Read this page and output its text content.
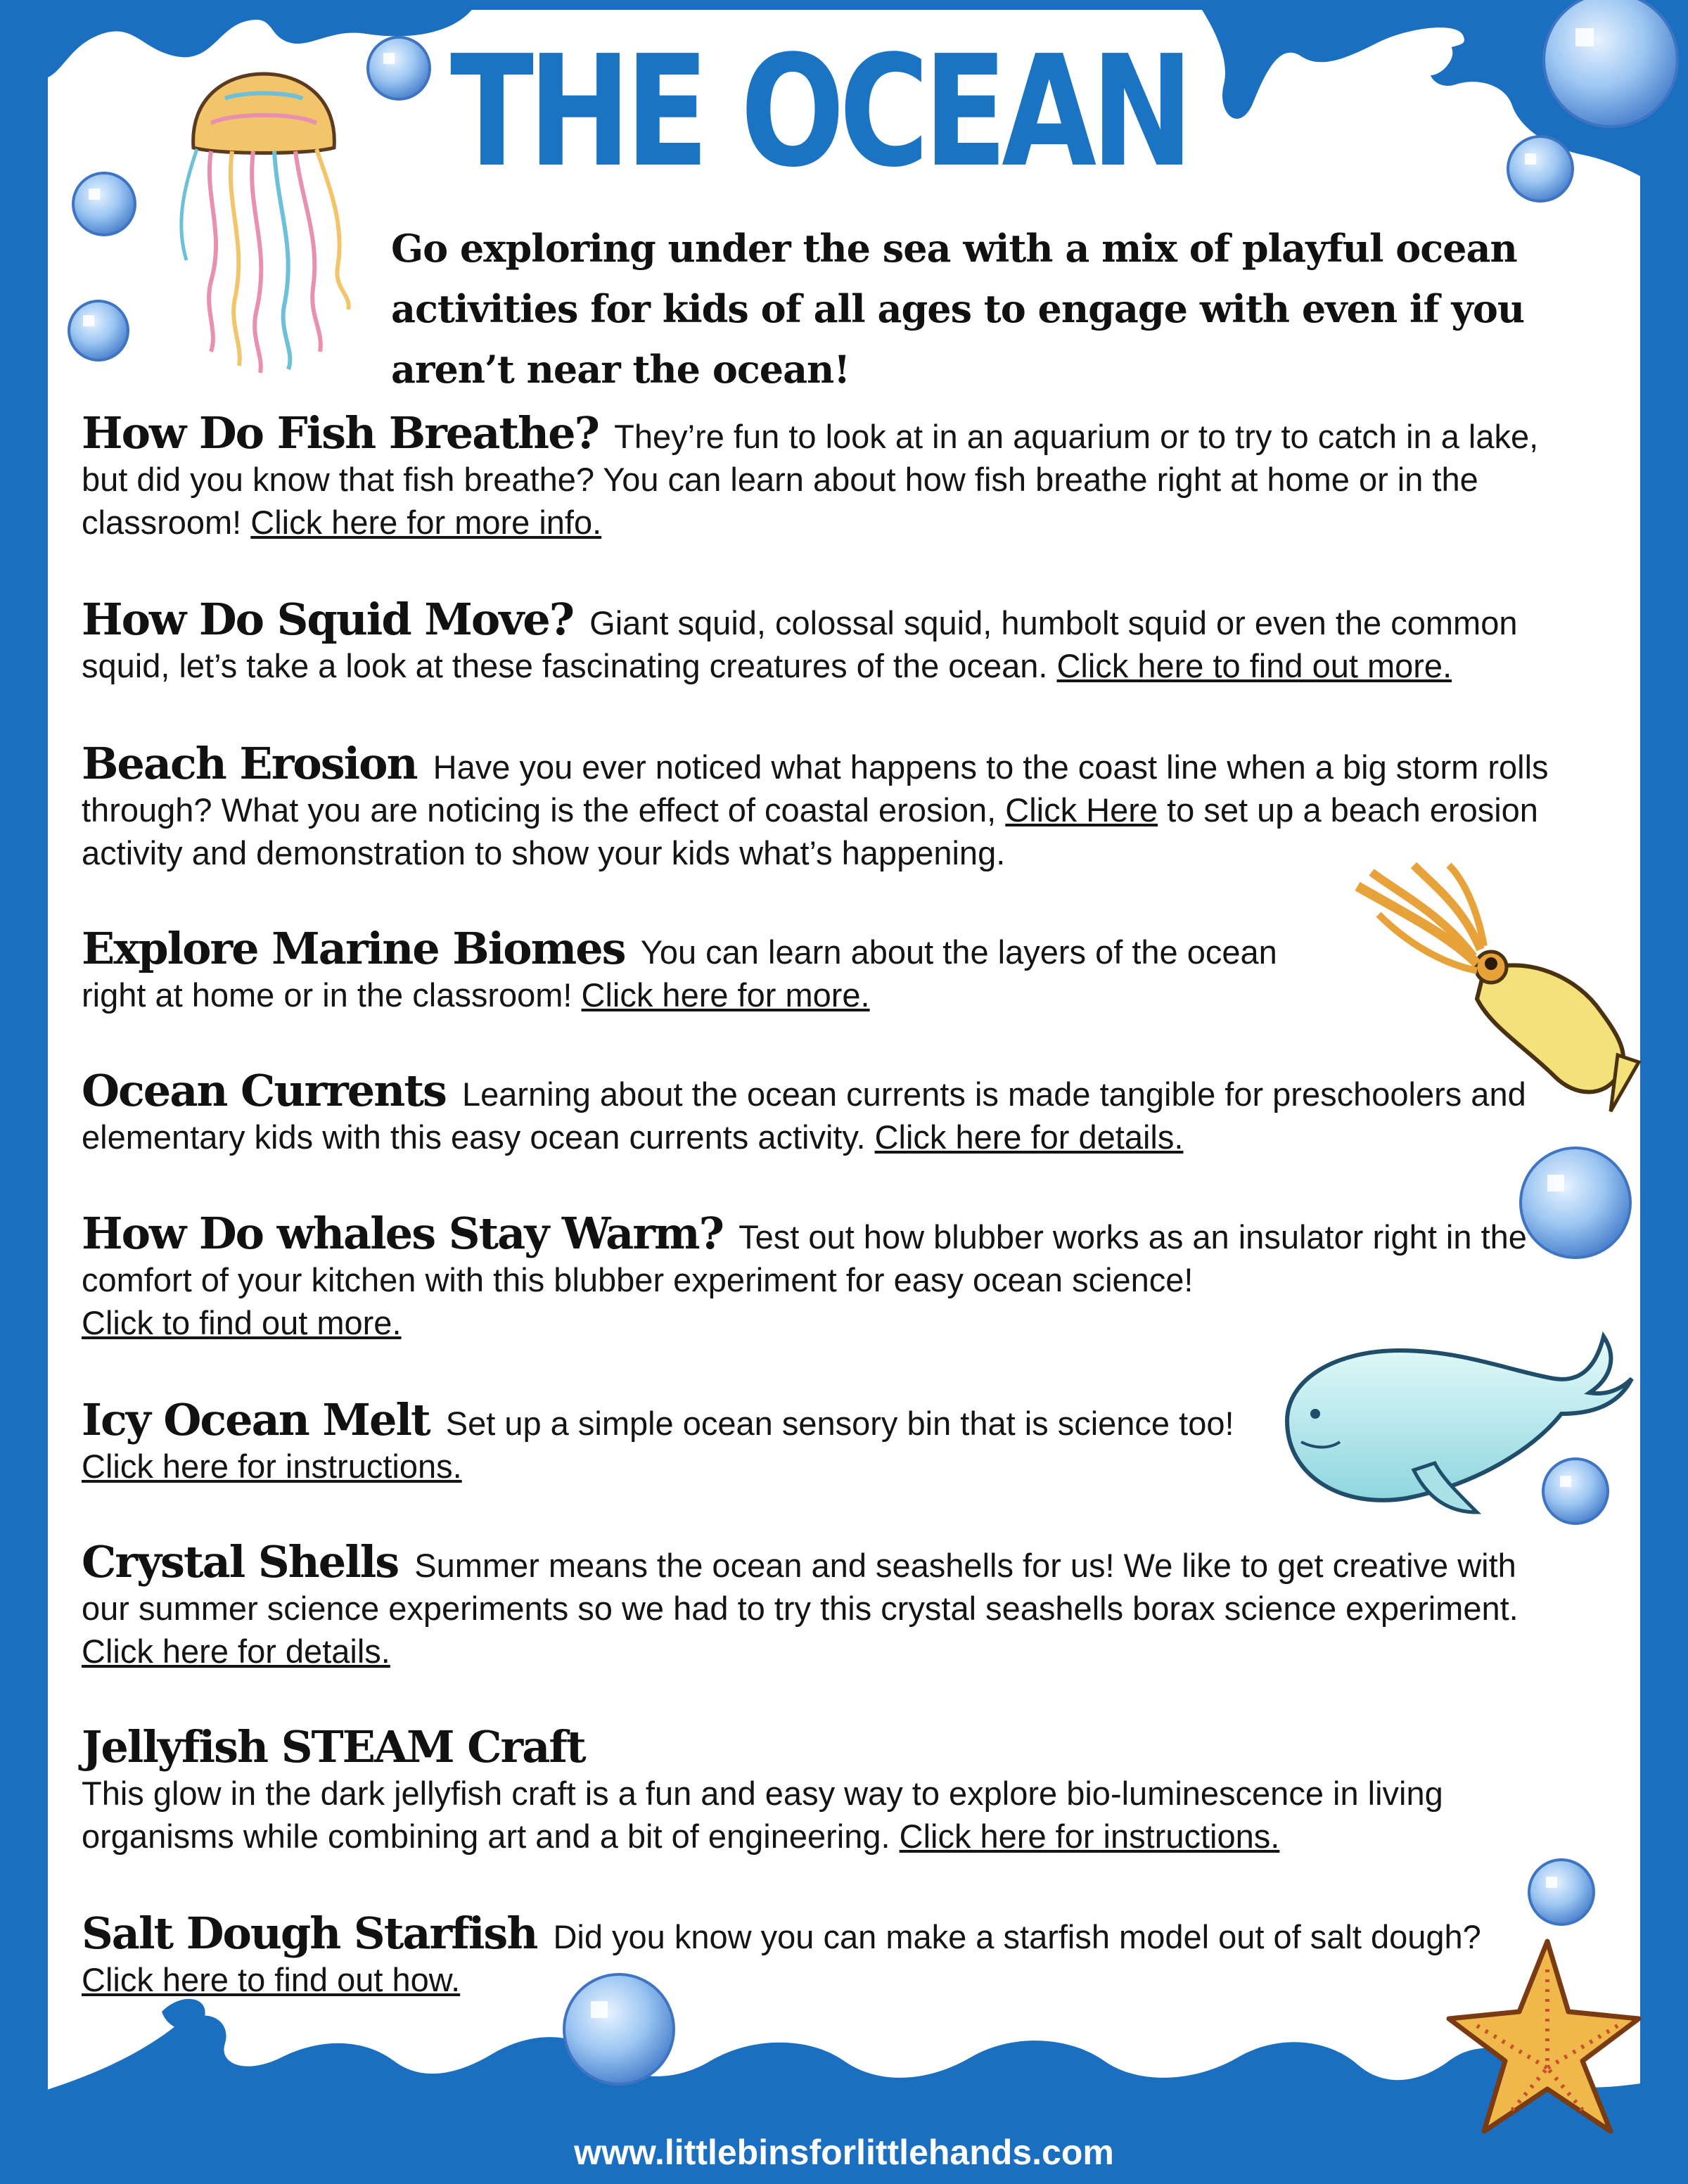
THE OCEAN
Go exploring under the sea with a mix of playful ocean activities for kids of all ages to engage with even if you aren’t near the ocean!
How Do Fish Breathe? They’re fun to look at in an aquarium or to try to catch in a lake, but did you know that fish breathe? You can learn about how fish breathe right at home or in the classroom! Click here for more info.
How Do Squid Move? Giant squid, colossal squid, humbolt squid or even the common squid, let’s take a look at these fascinating creatures of the ocean. Click here to find out more.
Beach Erosion Have you ever noticed what happens to the coast line when a big storm rolls through? What you are noticing is the effect of coastal erosion, Click Here to set up a beach erosion activity and demonstration to show your kids what’s happening.
Explore Marine Biomes You can learn about the layers of the ocean right at home or in the classroom! Click here for more.
Ocean Currents Learning about the ocean currents is made tangible for preschoolers and elementary kids with this easy ocean currents activity. Click here for details.
How Do whales Stay Warm? Test out how blubber works as an insulator right in the comfort of your kitchen with this blubber experiment for easy ocean science!
Click to find out more.
Icy Ocean Melt Set up a simple ocean sensory bin that is science too!
Click here for instructions.
Crystal Shells Summer means the ocean and seashells for us! We like to get creative with our summer science experiments so we had to try this crystal seashells borax science experiment. Click here for details.
Jellyfish STEAM Craft
This glow in the dark jellyfish craft is a fun and easy way to explore bio-luminescence in living organisms while combining art and a bit of engineering. Click here for instructions.
Salt Dough Starfish Did you know you can make a starfish model out of salt dough?
Click here to find out how.
www.littlebinsforlittlehands.com
